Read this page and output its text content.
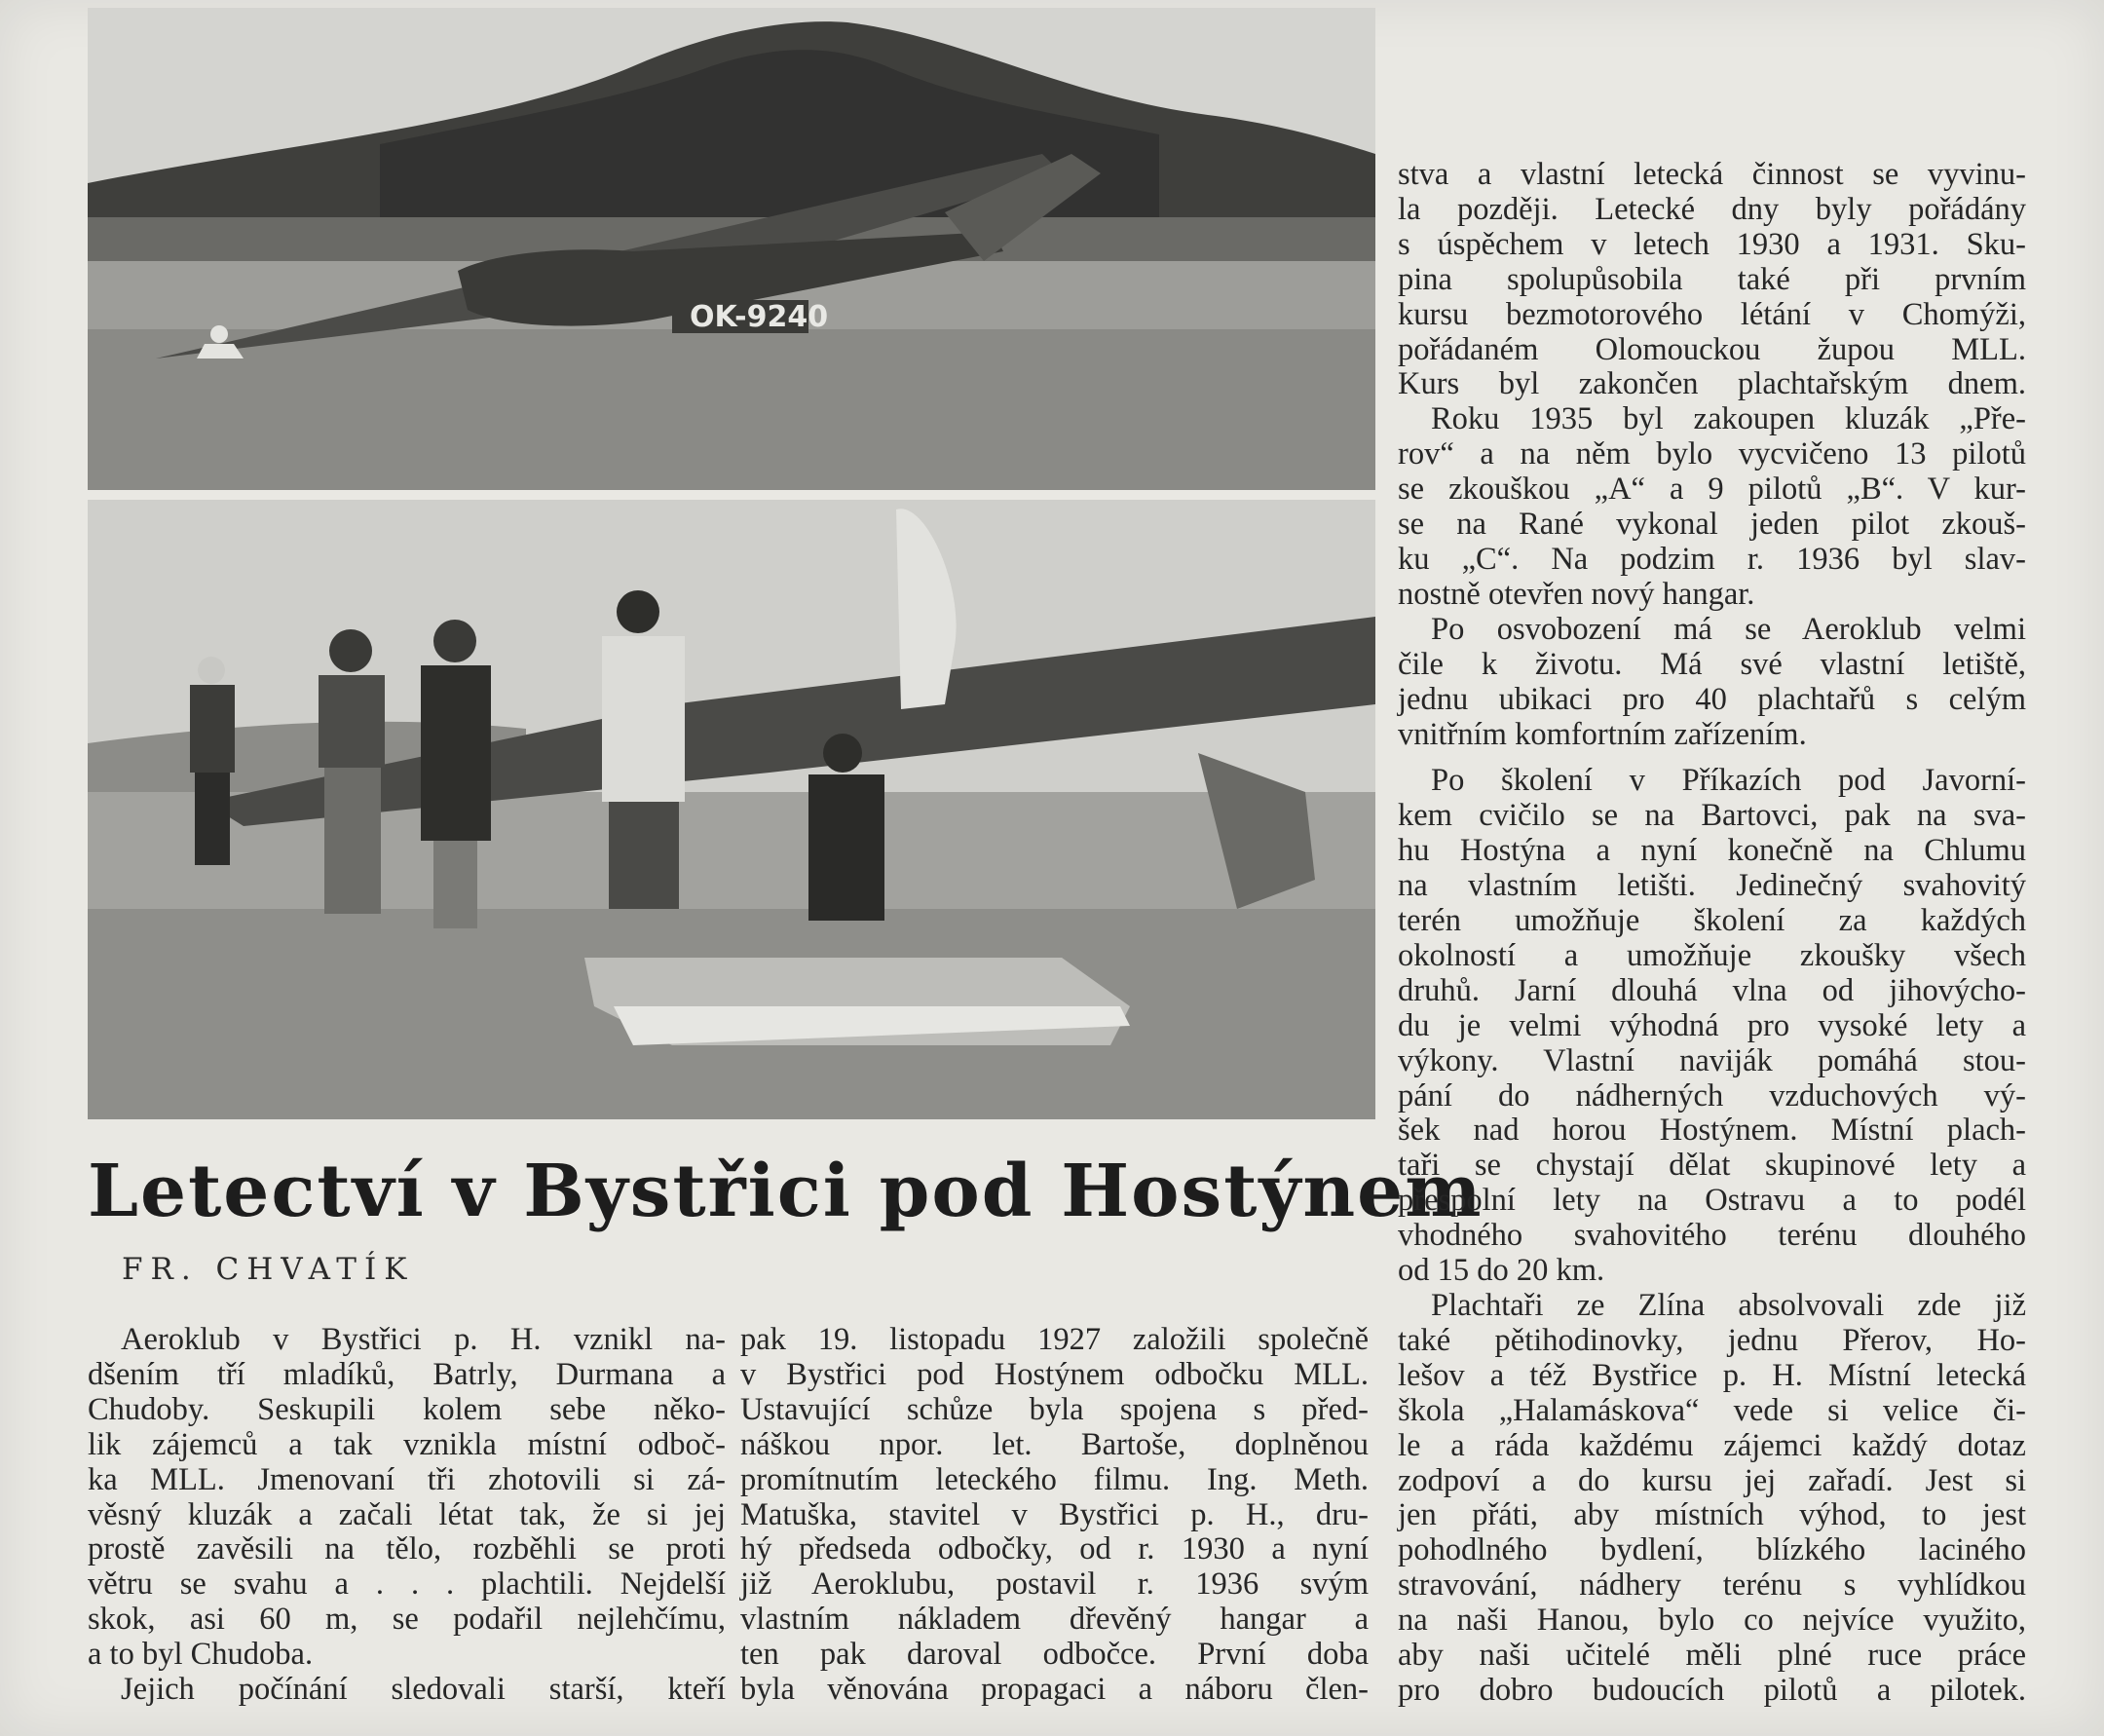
OK-9240
Letectví v Bystřici pod Hostýnem
FR. CHVATÍK
Aeroklub v Bystřici p. H. vznikl na-
dšením tří mladíků, Batrly, Durmana a
Chudoby. Seskupili kolem sebe něko-
lik zájemců a tak vznikla místní odboč-
ka MLL. Jmenovaní tři zhotovili si zá-
věsný kluzák a začali létat tak, že si jej
prostě zavěsili na tělo, rozběhli se proti
větru se svahu a . . . plachtili. Nejdelší
skok, asi 60 m, se podařil nejlehčímu,
a to byl Chudoba.
Jejich počínání sledovali starší, kteří
pak 19. listopadu 1927 založili společně
v Bystřici pod Hostýnem odbočku MLL.
Ustavující schůze byla spojena s před-
náškou npor. let. Bartoše, doplněnou
promítnutím leteckého filmu. Ing. Meth.
Matuška, stavitel v Bystřici p. H., dru-
hý předseda odbočky, od r. 1930 a nyní
již Aeroklubu, postavil r. 1936 svým
vlastním nákladem dřevěný hangar a
ten pak daroval odbočce. První doba
byla věnována propagaci a náboru člen-
stva a vlastní letecká činnost se vyvinu-
la později. Letecké dny byly pořádány
s úspěchem v letech 1930 a 1931. Sku-
pina spolupůsobila také při prvním
kursu bezmotorového létání v Chomýži,
pořádaném Olomouckou župou MLL.
Kurs byl zakončen plachtařským dnem.
Roku 1935 byl zakoupen kluzák „Pře-
rov“ a na něm bylo vycvičeno 13 pilotů
se zkouškou „A“ a 9 pilotů „B“. V kur-
se na Rané vykonal jeden pilot zkouš-
ku „C“. Na podzim r. 1936 byl slav-
nostně otevřen nový hangar.
Po osvobození má se Aeroklub velmi
čile k životu. Má své vlastní letiště,
jednu ubikaci pro 40 plachtařů s celým
vnitřním komfortním zařízením.
Po školení v Příkazích pod Javorní-
kem cvičilo se na Bartovci, pak na sva-
hu Hostýna a nyní konečně na Chlumu
na vlastním letišti. Jedinečný svahovitý
terén umožňuje školení za každých
okolností a umožňuje zkoušky všech
druhů. Jarní dlouhá vlna od jihovýcho-
du je velmi výhodná pro vysoké lety a
výkony. Vlastní naviják pomáhá stou-
pání do nádherných vzduchových vý-
šek nad horou Hostýnem. Místní plach-
taři se chystají dělat skupinové lety a
přespolní lety na Ostravu a to podél
vhodného svahovitého terénu dlouhého
od 15 do 20 km.
Plachtaři ze Zlína absolvovali zde již
také pětihodinovky, jednu Přerov, Ho-
lešov a též Bystřice p. H. Místní letecká
škola „Halamáskova“ vede si velice či-
le a ráda každému zájemci každý dotaz
zodpoví a do kursu jej zařadí. Jest si
jen přáti, aby místních výhod, to jest
pohodlného bydlení, blízkého laciného
stravování, nádhery terénu s vyhlídkou
na naši Hanou, bylo co nejvíce využito,
aby naši učitelé měli plné ruce práce
pro dobro budoucích pilotů a pilotek.
